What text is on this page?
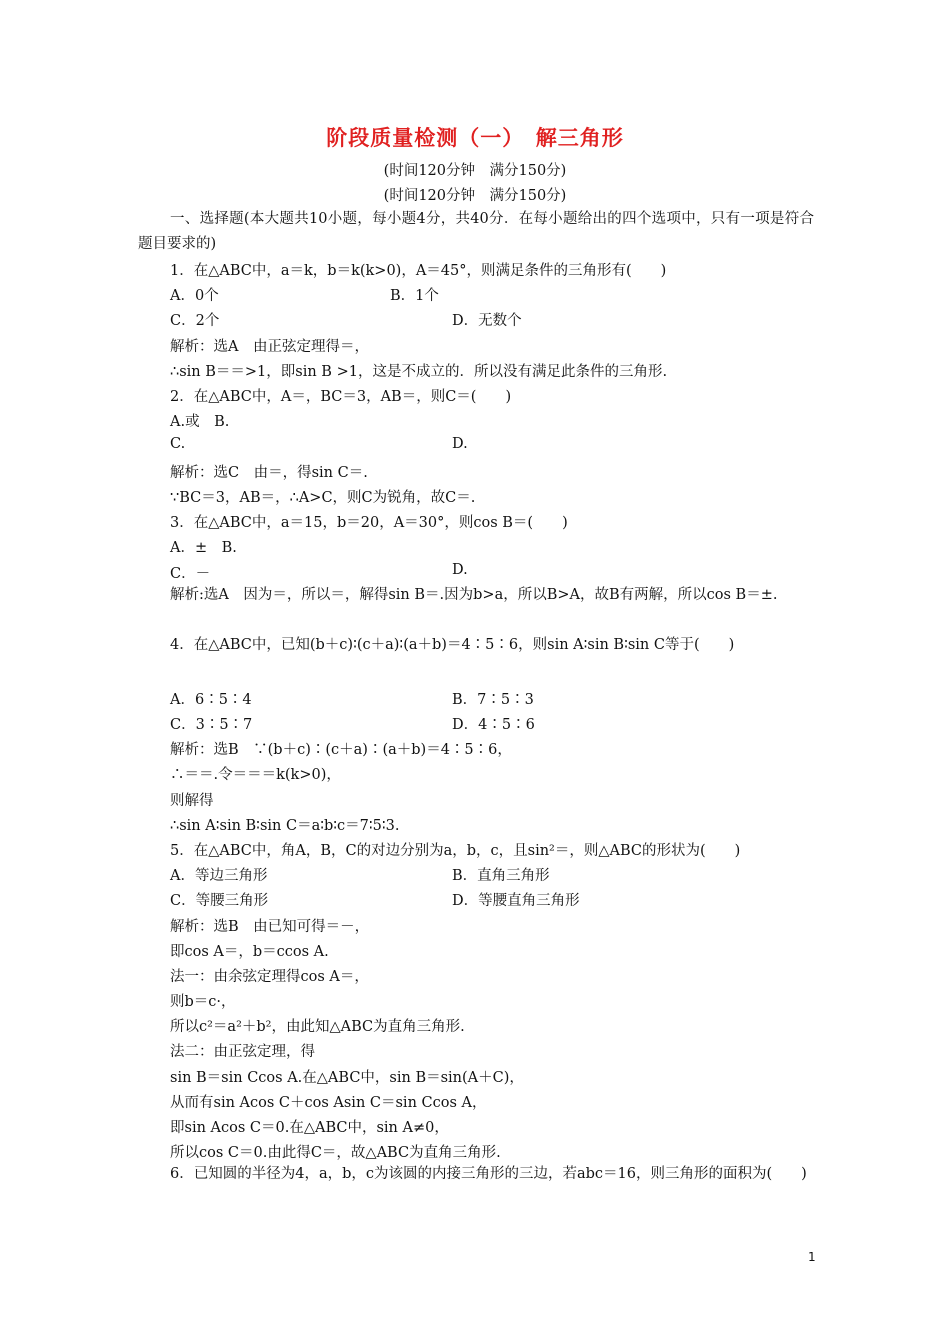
阶段质量检测（一）　解三角形
(时间120分钟　满分150分)
(时间120分钟　满分150分)
一、选择题(本大题共10小题，每小题4分，共40分．在每小题给出的四个选项中，只有一项是符合题目要求的)
1．在△ABC中，a＝k，b＝k(k>0)，A＝45°，则满足条件的三角形有(　　)
A．0个	B．1个
C．2个	D．无数个
解析：选A　由正弦定理得＝，
∴sin B＝＝>1，即sin B >1，这是不成立的．所以没有满足此条件的三角形.
2．在△ABC中，A＝，BC＝3，AB＝，则C＝(　　)
A.或　B.
C.	D.
解析：选C　由＝，得sin C＝.
∵BC＝3，AB＝，∴A>C，则C为锐角，故C＝.
3．在△ABC中，a＝15，b＝20，A＝30°，则cos B＝(　　)
A．±　B.
C．－	D.
解析:选A　因为＝，所以＝，解得sin B＝.因为b>a，所以B>A，故B有两解，所以cos B＝±.
4．在△ABC中，已知(b＋c)∶(c＋a)∶(a＋b)＝4∶5∶6，则sin A∶sin B∶sin C等于(　　)
A．6∶5∶4	B．7∶5∶3
C．3∶5∶7	D．4∶5∶6
解析：选B　∵(b＋c)∶(c＋a)∶(a＋b)＝4∶5∶6，
∴＝＝.令＝＝＝k(k>0)，
则解得
∴sin A∶sin B∶sin C＝a∶b∶c＝7∶5∶3.
5．在△ABC中，角A，B，C的对边分别为a，b，c，且sin²＝，则△ABC的形状为(　　)
A．等边三角形	B．直角三角形
C．等腰三角形	D．等腰直角三角形
解析：选B　由已知可得＝－，
即cos A＝，b＝ccos A.
法一：由余弦定理得cos A＝，
则b＝c·，
所以c²＝a²＋b²，由此知△ABC为直角三角形.
法二：由正弦定理，得
sin B＝sin Ccos A.在△ABC中，sin B＝sin(A＋C)，
从而有sin Acos C＋cos Asin C＝sin Ccos A，
即sin Acos C＝0.在△ABC中，sin A≠0，
所以cos C＝0.由此得C＝，故△ABC为直角三角形.
6．已知圆的半径为4，a，b，c为该圆的内接三角形的三边，若abc＝16，则三角形的面积为(　　)
1
